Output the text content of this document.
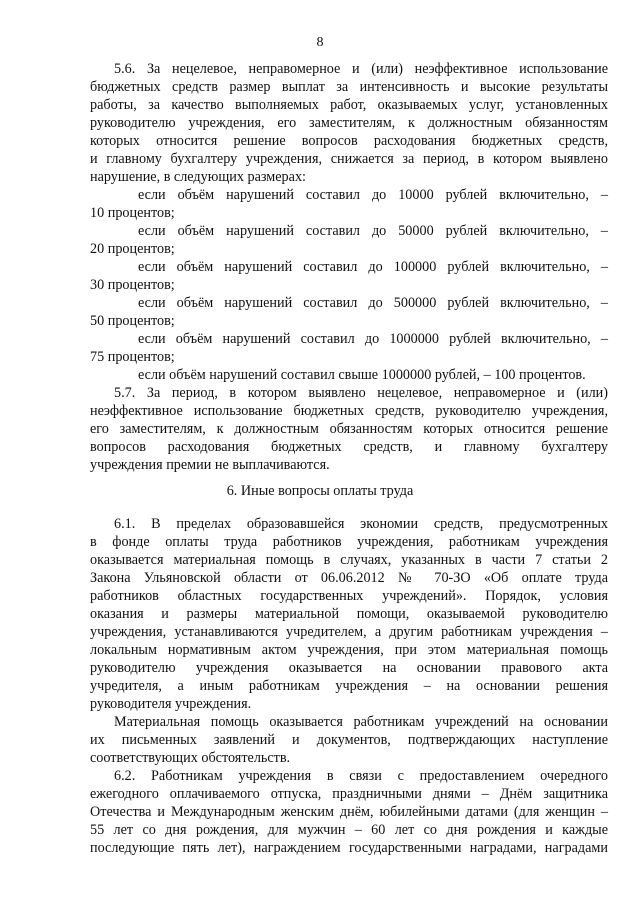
8
5.6. За нецелевое, неправомерное и (или) неэффективное использование
бюджетных средств размер выплат за интенсивность и высокие результаты
работы, за качество выполняемых работ, оказываемых услуг, установленных
руководителю учреждения, его заместителям, к должностным обязанностям
которых относится решение вопросов расходования бюджетных средств,
и главному бухгалтеру учреждения, снижается за период, в котором выявлено
нарушение, в следующих размерах:
если объём нарушений составил до 10000 рублей включительно, –
10 процентов;
если объём нарушений составил до 50000 рублей включительно, –
20 процентов;
если объём нарушений составил до 100000 рублей включительно, –
30 процентов;
если объём нарушений составил до 500000 рублей включительно, –
50 процентов;
если объём нарушений составил до 1000000 рублей включительно, –
75 процентов;
если объём нарушений составил свыше 1000000 рублей, – 100 процентов.
5.7. За период, в котором выявлено нецелевое, неправомерное и (или)
неэффективное использование бюджетных средств, руководителю учреждения,
его заместителям, к должностным обязанностям которых относится решение
вопросов расходования бюджетных средств, и главному бухгалтеру
учреждения премии не выплачиваются.
6. Иные вопросы оплаты труда
6.1. В пределах образовавшейся экономии средств, предусмотренных
в фонде оплаты труда работников учреждения, работникам учреждения
оказывается материальная помощь в случаях, указанных в части 7 статьи 2
Закона Ульяновской области от 06.06.2012 № 70-ЗО «Об оплате труда
работников областных государственных учреждений». Порядок, условия
оказания и размеры материальной помощи, оказываемой руководителю
учреждения, устанавливаются учредителем, а другим работникам учреждения –
локальным нормативным актом учреждения, при этом материальная помощь
руководителю учреждения оказывается на основании правового акта
учредителя, а иным работникам учреждения – на основании решения
руководителя учреждения.
Материальная помощь оказывается работникам учреждений на основании
их письменных заявлений и документов, подтверждающих наступление
соответствующих обстоятельств.
6.2. Работникам учреждения в связи с предоставлением очередного
ежегодного оплачиваемого отпуска, праздничными днями – Днём защитника
Отечества и Международным женским днём, юбилейными датами (для женщин –
55 лет со дня рождения, для мужчин – 60 лет со дня рождения и каждые
последующие пять лет), награждением государственными наградами, наградами
